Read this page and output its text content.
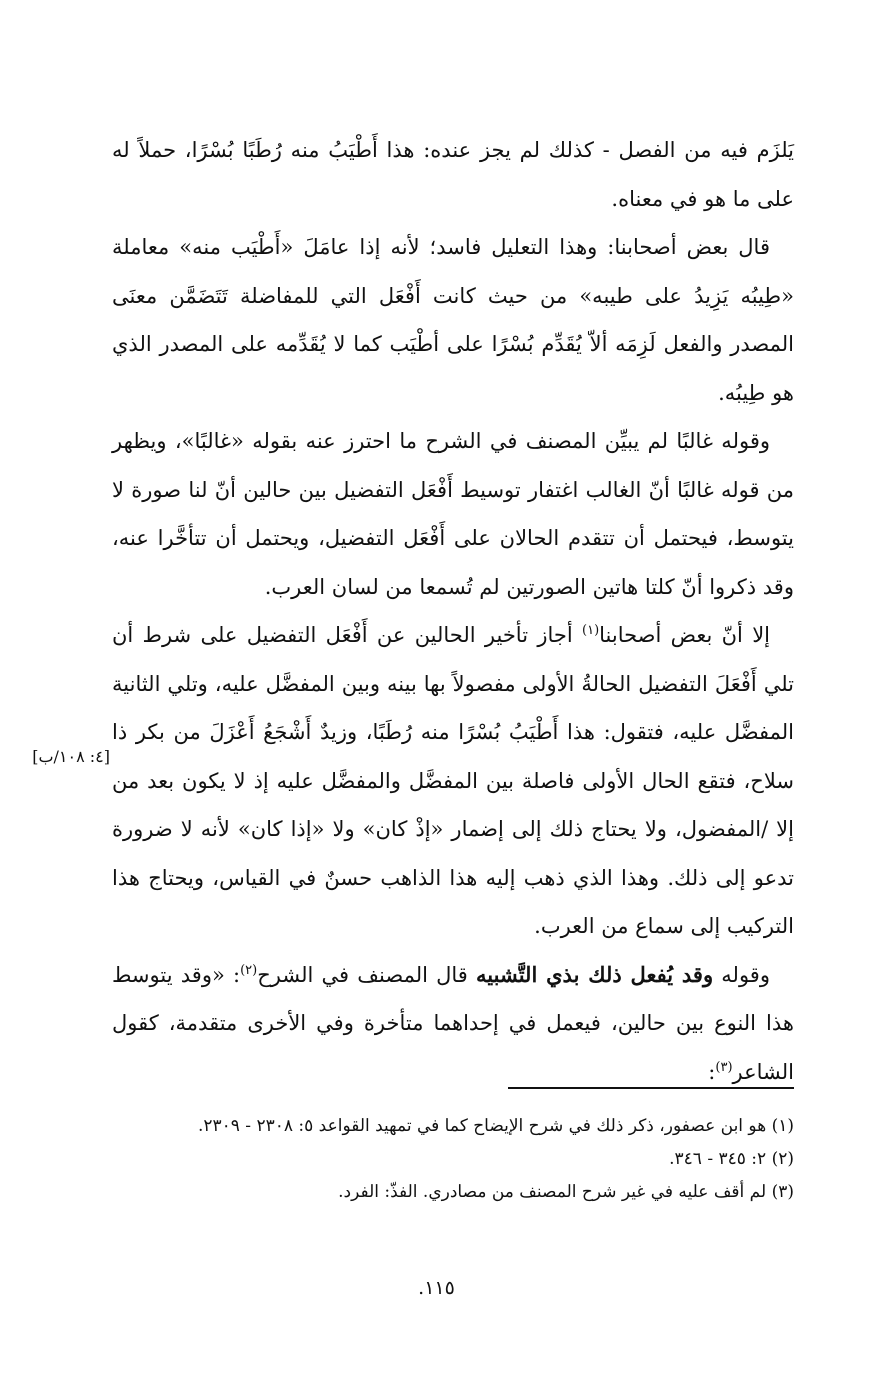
يَلزَم فيه من الفصل - كذلك لم يجز عنده: هذا أَطْيَبُ منه رُطَبًا بُسْرًا، حملاً له على ما هو في معناه.

قال بعض أصحابنا: وهذا التعليل فاسد؛ لأنه إذا عامَلَ «أَطْيَب منه» معاملة «طِيبُه يَزِيدُ على طيبه» من حيث كانت أَفْعَل التي للمفاضلة تَتَضَمَّن معنَى المصدر والفعل لَزِمَه ألاّ يُقَدِّم بُسْرًا على أطْيَب كما لا يُقَدِّمه على المصدر الذي هو طِيبُه.

وقوله غالبًا لم يبيِّن المصنف في الشرح ما احترز عنه بقوله «غالبًا»، ويظهر من قوله غالبًا أنّ الغالب اغتفار توسيط أَفْعَل التفضيل بين حالين أنّ لنا صورة لا يتوسط، فيحتمل أن تتقدم الحالان على أَفْعَل التفضيل، ويحتمل أن تتأخَّرا عنه، وقد ذكروا أنّ كلتا هاتين الصورتين لم تُسمعا من لسان العرب.

إلا أنّ بعض أصحابنا$^{(١)}$ أجاز تأخير الحالين عن أَفْعَل التفضيل على شرط أن تلي أَفْعَلَ التفضيل الحالةُ الأولى مفصولاً بها بينه وبين المفضَّل عليه، وتلي الثانية المفضَّل عليه، فتقول: هذا أَطْيَبُ بُسْرًا منه رُطَبًا، وزيدٌ أَشْجَعُ أَعْزَلَ من بكر ذا سلاح، فتقع الحال الأولى فاصلة بين المفضَّل والمفضَّل عليه إذ لا يكون بعد من إلا /المفضول، ولا يحتاج ذلك إلى إضمار «إذْ كان» ولا «إذا كان» لأنه لا ضرورة تدعو إلى ذلك. وهذا الذي ذهب إليه هذا الذاهب حسنٌ في القياس، ويحتاج هذا التركيب إلى سماع من العرب.

وقوله وقد يُفعل ذلك بذي التَّشبيه قال المصنف في الشرح$^{(٢)}$: «وقد يتوسط هذا النوع بين حالين، فيعمل في إحداهما متأخرة وفي الأخرى متقدمة، كقول الشاعر$^{(٣)}$:

[٤: ١٠٨/ب]

(١) هو ابن عصفور، ذكر ذلك في شرح الإيضاح كما في تمهيد القواعد ٥: ٢٣٠٨ - ٢٣٠٩.

(٢) ٢: ٣٤٥ - ٣٤٦.

(٣) لم أقف عليه في غير شرح المصنف من مصادري. الفذّ: الفرد.

١١٥.
